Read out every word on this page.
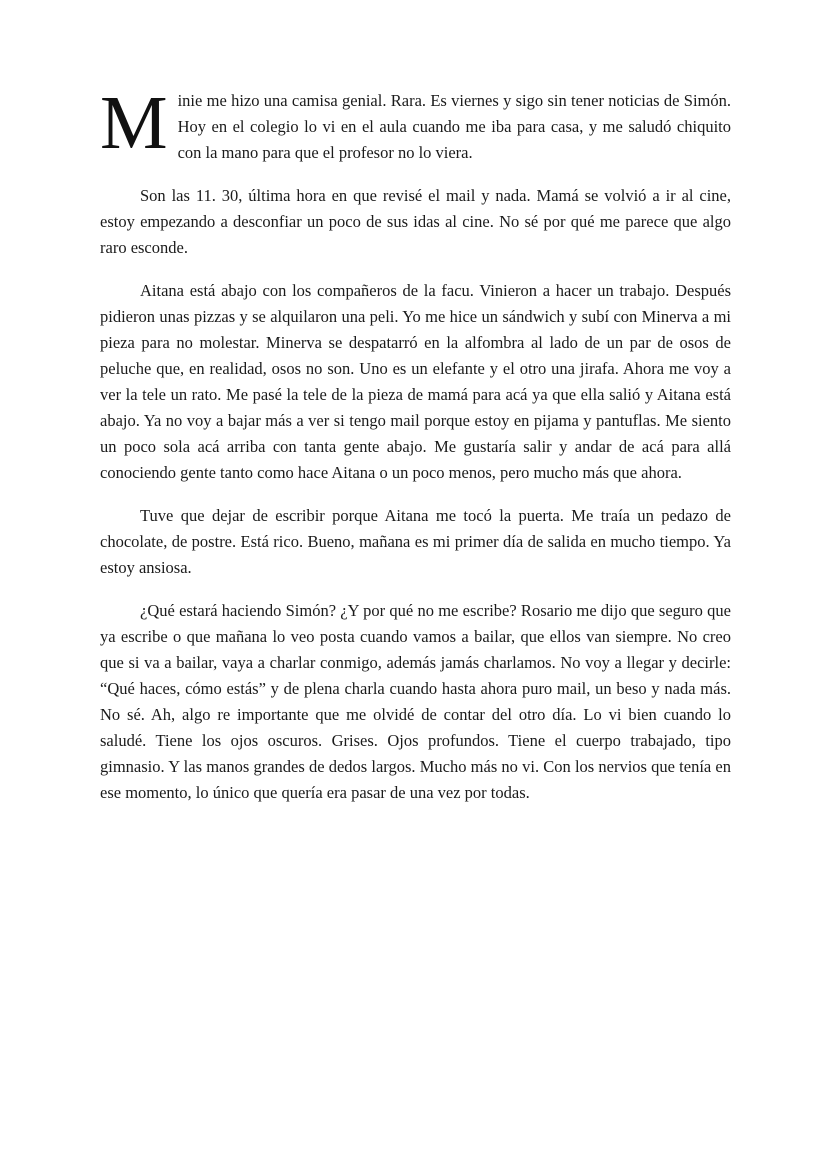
Minie me hizo una camisa genial. Rara. Es viernes y sigo sin tener noticias de Simón. Hoy en el colegio lo vi en el aula cuando me iba para casa, y me saludó chiquito con la mano para que el profesor no lo viera.

Son las 11. 30, última hora en que revisé el mail y nada. Mamá se volvió a ir al cine, estoy empezando a desconfiar un poco de sus idas al cine. No sé por qué me parece que algo raro esconde.

Aitana está abajo con los compañeros de la facu. Vinieron a hacer un trabajo. Después pidieron unas pizzas y se alquilaron una peli. Yo me hice un sándwich y subí con Minerva a mi pieza para no molestar. Minerva se despatarró en la alfombra al lado de un par de osos de peluche que, en realidad, osos no son. Uno es un elefante y el otro una jirafa. Ahora me voy a ver la tele un rato. Me pasé la tele de la pieza de mamá para acá ya que ella salió y Aitana está abajo. Ya no voy a bajar más a ver si tengo mail porque estoy en pijama y pantuflas. Me siento un poco sola acá arriba con tanta gente abajo. Me gustaría salir y andar de acá para allá conociendo gente tanto como hace Aitana o un poco menos, pero mucho más que ahora.

Tuve que dejar de escribir porque Aitana me tocó la puerta. Me traía un pedazo de chocolate, de postre. Está rico. Bueno, mañana es mi primer día de salida en mucho tiempo. Ya estoy ansiosa.

¿Qué estará haciendo Simón? ¿Y por qué no me escribe? Rosario me dijo que seguro que ya escribe o que mañana lo veo posta cuando vamos a bailar, que ellos van siempre. No creo que si va a bailar, vaya a charlar conmigo, además jamás charlamos. No voy a llegar y decirle: “Qué haces, cómo estás” y de plena charla cuando hasta ahora puro mail, un beso y nada más. No sé. Ah, algo re importante que me olvidé de contar del otro día. Lo vi bien cuando lo saludé. Tiene los ojos oscuros. Grises. Ojos profundos. Tiene el cuerpo trabajado, tipo gimnasio. Y las manos grandes de dedos largos. Mucho más no vi. Con los nervios que tenía en ese momento, lo único que quería era pasar de una vez por todas.
